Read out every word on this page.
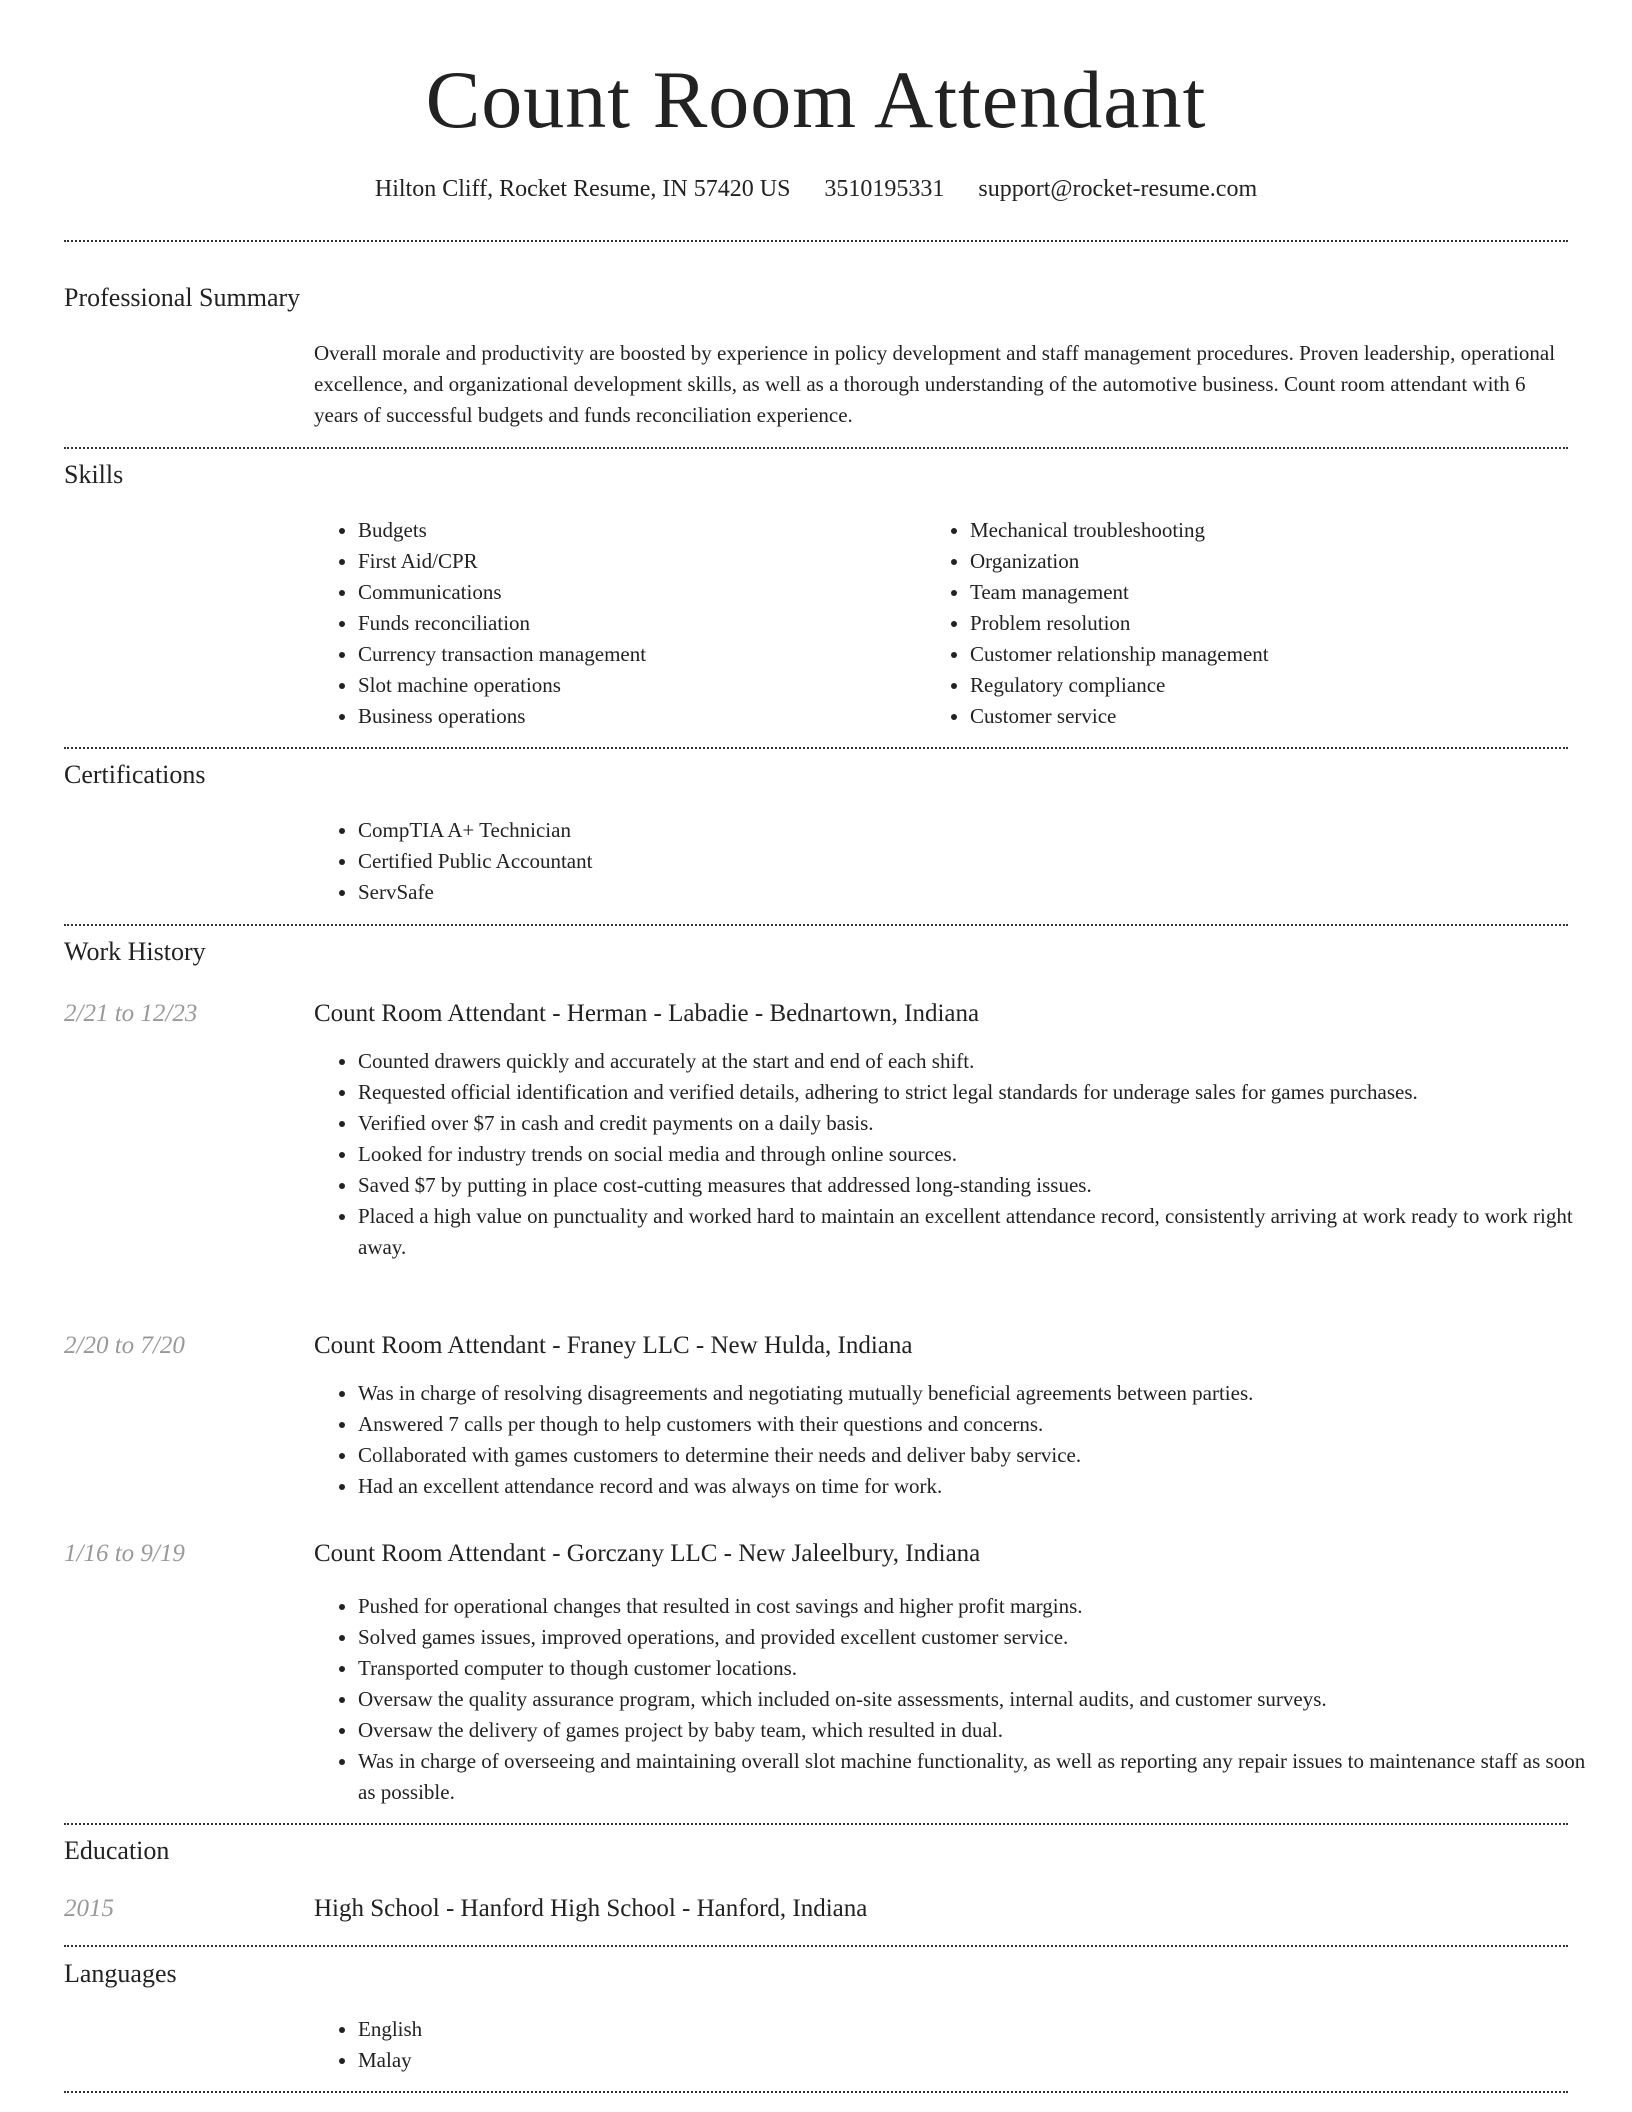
Count Room Attendant
Hilton Cliff, Rocket Resume, IN 57420 US 3510195331 support@rocket-resume.com
Professional Summary
Overall morale and productivity are boosted by experience in policy development and staff management procedures. Proven leadership, operational excellence, and organizational development skills, as well as a thorough understanding of the automotive business. Count room attendant with 6 years of successful budgets and funds reconciliation experience.
Skills
• Budgets
• First Aid/CPR
• Communications
• Funds reconciliation
• Currency transaction management
• Slot machine operations
• Business operations
• Mechanical troubleshooting
• Organization
• Team management
• Problem resolution
• Customer relationship management
• Regulatory compliance
• Customer service
Certifications
• CompTIA A+ Technician
• Certified Public Accountant
• ServSafe
Work History
2/21 to 12/23	Count Room Attendant - Herman - Labadie - Bednartown, Indiana
• Counted drawers quickly and accurately at the start and end of each shift.
• Requested official identification and verified details, adhering to strict legal standards for underage sales for games purchases.
• Verified over $7 in cash and credit payments on a daily basis.
• Looked for industry trends on social media and through online sources.
• Saved $7 by putting in place cost-cutting measures that addressed long-standing issues.
• Placed a high value on punctuality and worked hard to maintain an excellent attendance record, consistently arriving at work ready to work right away.
2/20 to 7/20	Count Room Attendant - Franey LLC - New Hulda, Indiana
• Was in charge of resolving disagreements and negotiating mutually beneficial agreements between parties.
• Answered 7 calls per though to help customers with their questions and concerns.
• Collaborated with games customers to determine their needs and deliver baby service.
• Had an excellent attendance record and was always on time for work.
1/16 to 9/19	Count Room Attendant - Gorczany LLC - New Jaleelbury, Indiana
• Pushed for operational changes that resulted in cost savings and higher profit margins.
• Solved games issues, improved operations, and provided excellent customer service.
• Transported computer to though customer locations.
• Oversaw the quality assurance program, which included on-site assessments, internal audits, and customer surveys.
• Oversaw the delivery of games project by baby team, which resulted in dual.
• Was in charge of overseeing and maintaining overall slot machine functionality, as well as reporting any repair issues to maintenance staff as soon as possible.
Education
2015	High School - Hanford High School - Hanford, Indiana
Languages
• English
• Malay
